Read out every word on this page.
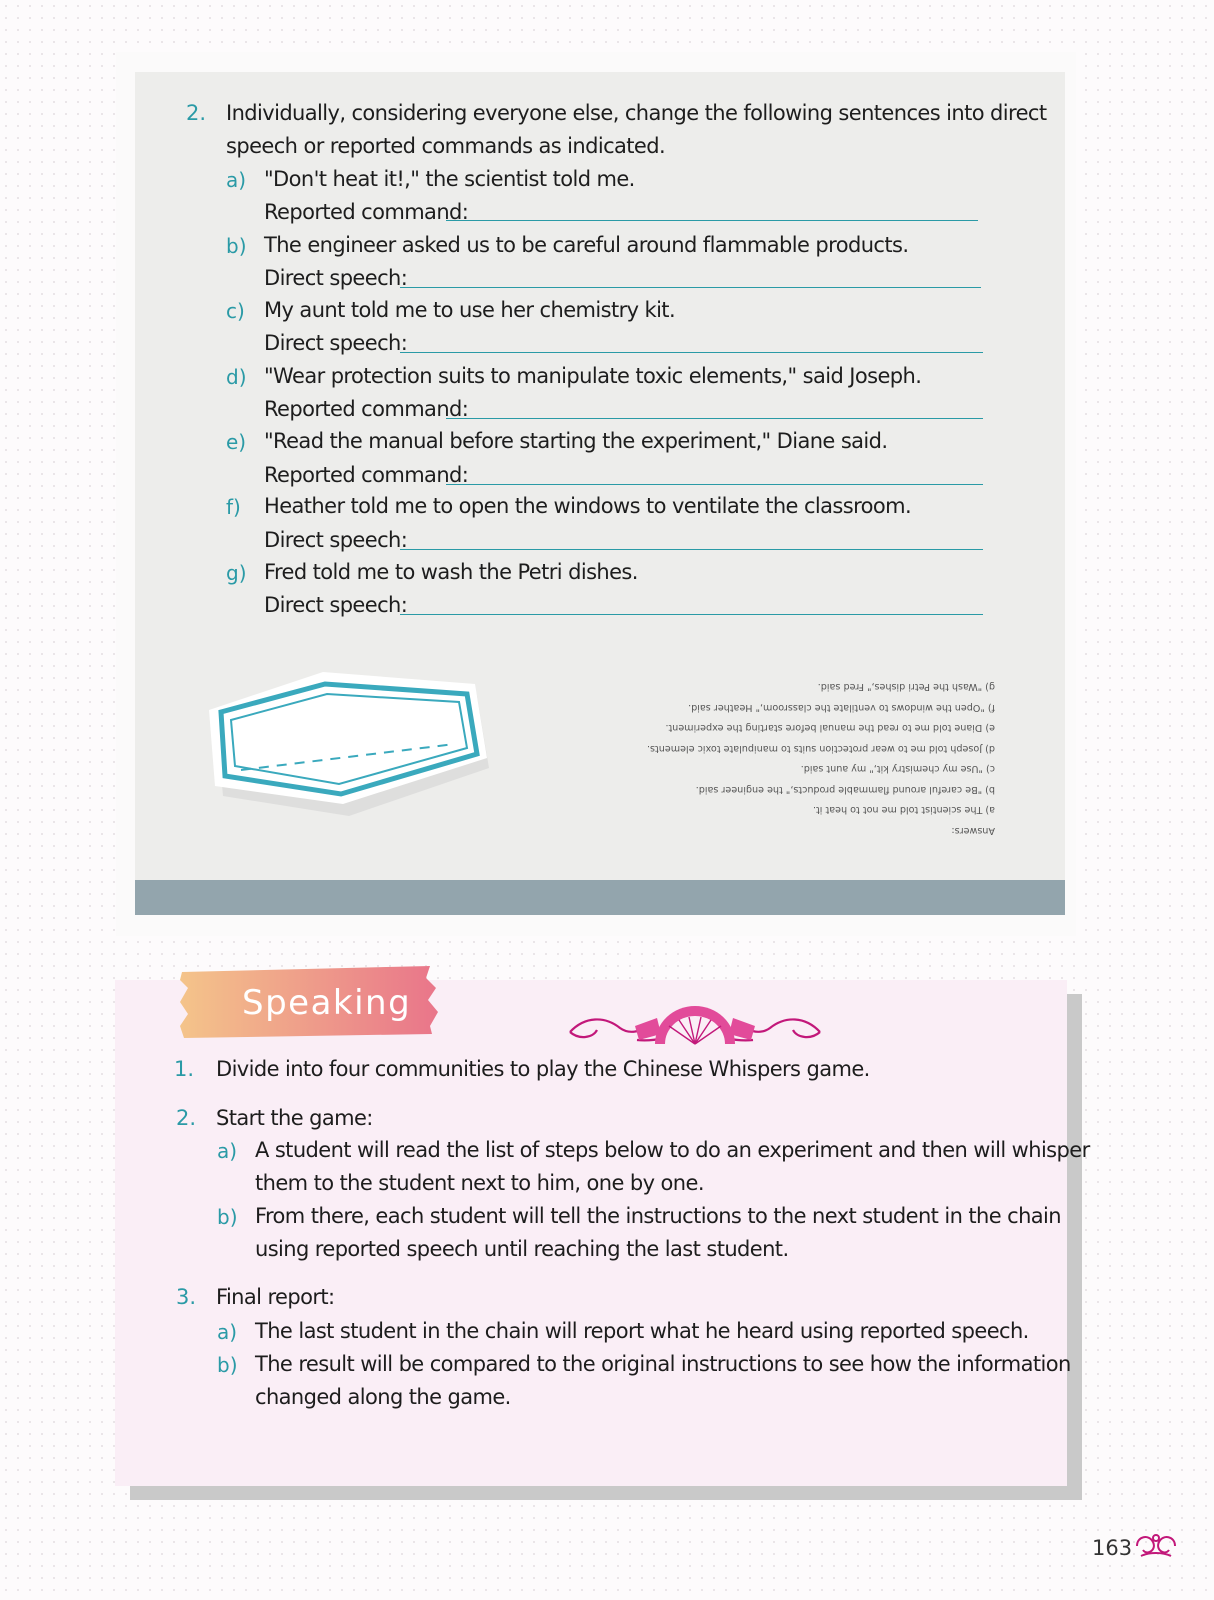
2. Individually, considering everyone else, change the following sentences into direct
speech or reported commands as indicated.
a) "Don't heat it!," the scientist told me.
Reported command:
b) The engineer asked us to be careful around flammable products.
Direct speech:
c) My aunt told me to use her chemistry kit.
Direct speech:
d) "Wear protection suits to manipulate toxic elements," said Joseph.
Reported command:
e) "Read the manual before starting the experiment," Diane said.
Reported command:
f) Heather told me to open the windows to ventilate the classroom.
Direct speech:
g) Fred told me to wash the Petri dishes.
Direct speech:
Answers:
a) The scientist told me not to heat it.
b) "Be careful around flammable products," the engineer said.
c) "Use my chemistry kit," my aunt said.
d) Joseph told me to wear protection suits to manipulate toxic elements.
e) Diane told me to read the manual before starting the experiment.
f) "Open the windows to ventilate the classroom," Heather said.
g) "Wash the Petri dishes," Fred said.
Speaking
1. Divide into four communities to play the Chinese Whispers game.
2. Start the game:
a) A student will read the list of steps below to do an experiment and then will whisper
them to the student next to him, one by one.
b) From there, each student will tell the instructions to the next student in the chain
using reported speech until reaching the last student.
3. Final report:
a) The last student in the chain will report what he heard using reported speech.
b) The result will be compared to the original instructions to see how the information
changed along the game.
163
